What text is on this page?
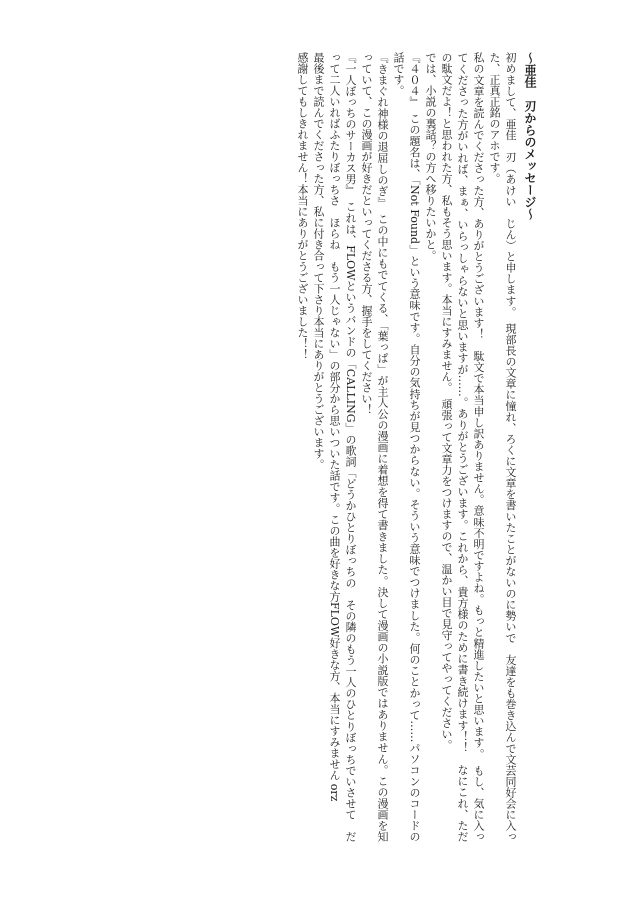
〜亜佳　刃からのメッセージ〜

初めまして、亜佳　刃（あけい　じん）と申します。　現部長の文章に憧れ、ろくに文章を書いたことがないのに勢いで　友達をも巻き込んで文芸同好会に入った、正真正銘のアホです。

私の文章を読んでくださった方、ありがとうございます！　駄文で本当申し訳ありません。意味不明ですよね。もっと精進したいと思います。　もし、気に入ってくださった方がいれば、まぁ、いらっしゃらないと思いますが……。ありがとうございます。これから、貴方様のために書き続けます！！　なにこれ、ただの駄文だよ！と思われた方、私もそう思います。本当にすみません。　頑張って文章力をつけますので、温かい目で見守ってやってください。

では、小説の裏話？の方へ移りたいかと。

『４０４』　この題名は、「Not Found」という意味です。自分の気持ちが見つからない。そういう意味でつけました。何のことかって……パソコンのコードの話です。

『きまぐれ神様の退屈しのぎ』　この中にもでてくる、「葉っぱ」が主人公の漫画に着想を得て書きました。決して漫画の小説版ではありません。この漫画を知っていて、この漫画が好きだといってくださる方、握手をしてください！

『一人ぼっちのサーカス男』　これは、FLOWというバンドの「CALLING」の歌詞「どうかひとりぼっちの　その隣のもう一人のひとりぼっちでいさせて　だって二人いればふたりぼっちさ　ほらね　もう一人じゃない」の部分から思いついた話です。この曲を好きな方FLOW好きな方、本当にすみません orz

最後まで読んでくださった方、私に付き合って下さり本当にありがとうございます。

感謝してもしきれません！本当にありがとうございました！！
